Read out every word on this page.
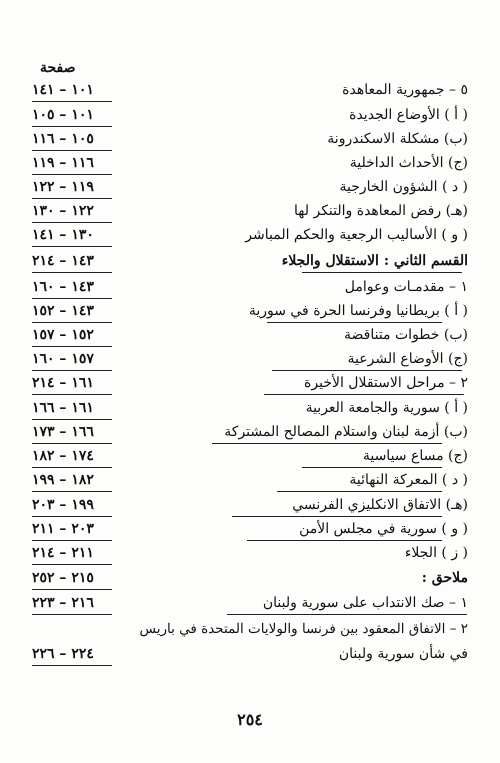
صفحة
٥ – جمهورية المعاهدة
١٠١ – ١٤١
( أ ) الأوضاع الجديدة
١٠١ – ١٠٥
(ب) مشكلة الاسكندرونة
١٠٥ – ١١٦
(ج) الأحداث الداخلية
١١٦ – ١١٩
( د ) الشؤون الخارجية
١١٩ – ١٢٢
(هـ) رفض المعاهدة والتنكر لها
١٢٢ – ١٣٠
( و ) الأساليب الرجعية والحكم المباشر
١٣٠ – ١٤١
القسم الثاني : الاستقلال والجلاء
١٤٣ – ٢١٤
١ – مقدمـات وعوامل
١٤٣ – ١٦٠
( أ ) بريطانيا وفرنسا الحرة في سورية
١٤٣ – ١٥٢
(ب) خطوات متناقضة
١٥٢ – ١٥٧
(ج) الأوضاع الشرعية
١٥٧ – ١٦٠
٢ – مراحل الاستقلال الأخيرة
١٦١ – ٢١٤
( أ ) سورية والجامعة العربية
١٦١ – ١٦٦
(ب) أزمة لبنان واستلام المصالح المشتركة
١٦٦ – ١٧٣
(ج) مساع سياسية
١٧٤ – ١٨٢
( د ) المعركة النهائية
١٨٢ – ١٩٩
(هـ) الاتفاق الانكليزي الفرنسي
١٩٩ – ٢٠٣
( و ) سورية في مجلس الأمن
٢٠٣ – ٢١١
( ز ) الجلاء
٢١١ – ٢١٤
ملاحق :
٢١٥ – ٢٥٢
١ – صك الانتداب على سورية ولبنان
٢١٦ – ٢٢٣
٢ – الاتفاق المعقود بين فرنسا والولايات المتحدة في باريس
في شأن سورية ولبنان
٢٢٤ – ٢٢٦
٢٥٤
